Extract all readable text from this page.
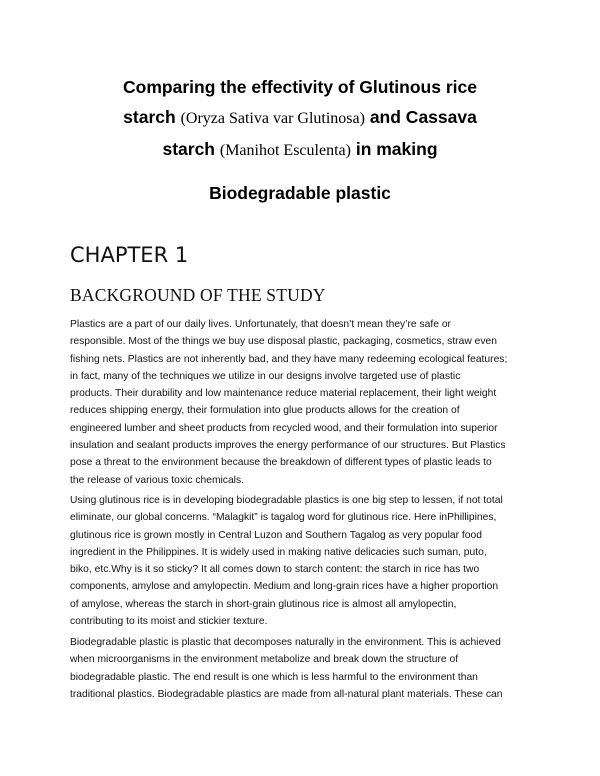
Comparing the effectivity of Glutinous rice
starch (Oryza Sativa var Glutinosa) and Cassava
starch (Manihot Esculenta) in making
Biodegradable plastic
CHAPTER 1
BACKGROUND OF THE STUDY
Plastics are a part of our daily lives. Unfortunately, that doesn’t mean they’re safe or
responsible. Most of the things we buy use disposal plastic, packaging, cosmetics, straw even
fishing nets. Plastics are not inherently bad, and they have many redeeming ecological features;
in fact, many of the techniques we utilize in our designs involve targeted use of plastic
products. Their durability and low maintenance reduce material replacement, their light weight
reduces shipping energy, their formulation into glue products allows for the creation of
engineered lumber and sheet products from recycled wood, and their formulation into superior
insulation and sealant products improves the energy performance of our structures. But Plastics
pose a threat to the environment because the breakdown of different types of plastic leads to
the release of various toxic chemicals.
Using glutinous rice is in developing biodegradable plastics is one big step to lessen, if not total
eliminate, our global concerns. “Malagkit” is tagalog word for glutinous rice. Here inPhillipines,
glutinous rice is grown mostly in Central Luzon and Southern Tagalog as very popular food
ingredient in the Philippines. It is widely used in making native delicacies such suman, puto,
biko, etc.Why is it so sticky? It all comes down to starch content: the starch in rice has two
components, amylose and amylopectin. Medium and long-grain rices have a higher proportion
of amylose, whereas the starch in short-grain glutinous rice is almost all amylopectin,
contributing to its moist and stickier texture.
Biodegradable plastic is plastic that decomposes naturally in the environment. This is achieved
when microorganisms in the environment metabolize and break down the structure of
biodegradable plastic. The end result is one which is less harmful to the environment than
traditional plastics. Biodegradable plastics are made from all-natural plant materials. These can
